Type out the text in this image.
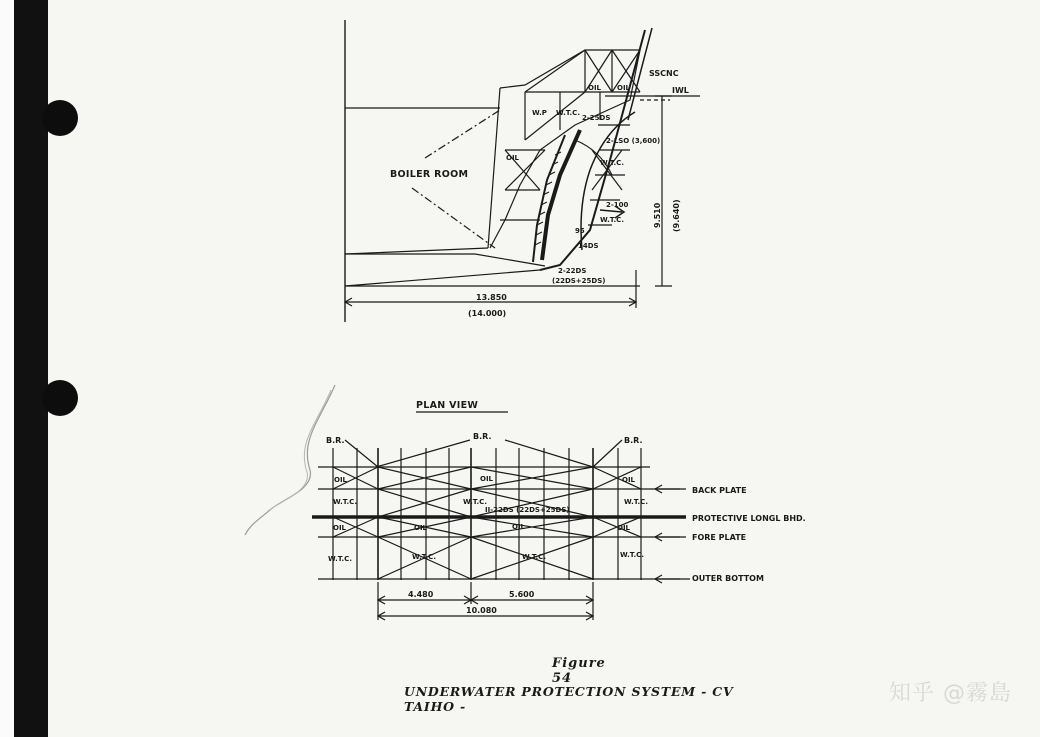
BOILER ROOM
SSCNC
IWL
OIL OIL
W.P W.T.C.
OIL
W.T.C.
W.T.C.
2-25DS
2-LSO (3,600)
2-100
95
14DS
2-22DS
(22DS+25DS)
9.510 (9.640)
13.850
(14.000)
PLAN VIEW
B.R.	B.R.	B.R.
OIL	OIL	OIL
W.T.C.	W.T.C.	W.T.C.
II-22DS (22DS+25DS)
OIL	OIL	OIL	OIL
W.T.C.	W.T.C.	W.T.C.	W.T.C.
BACK PLATE
PROTECTIVE LONGL BHD.
FORE PLATE
OUTER BOTTOM
4.480	5.600
10.080
Figure 54
UNDERWATER PROTECTION SYSTEM - CV TAIHO -
知乎 @霧島
